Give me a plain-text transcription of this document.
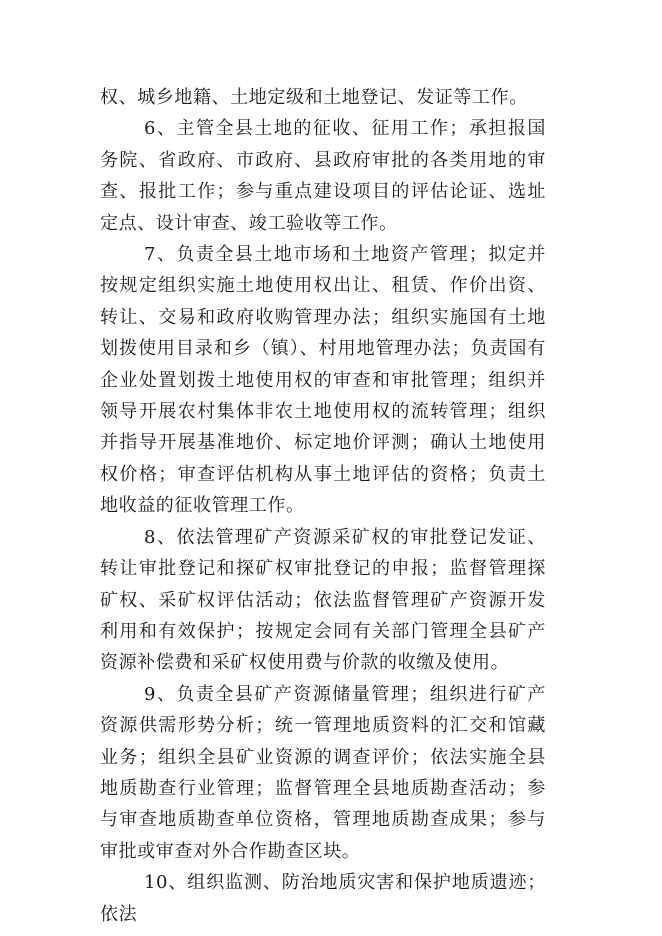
权、城乡地籍、土地定级和土地登记、发证等工作。

6、主管全县土地的征收、征用工作；承担报国务院、省政府、市政府、县政府审批的各类用地的审查、报批工作；参与重点建设项目的评估论证、选址定点、设计审查、竣工验收等工作。

7、负责全县土地市场和土地资产管理；拟定并按规定组织实施土地使用权出让、租赁、作价出资、转让、交易和政府收购管理办法；组织实施国有土地划拨使用目录和乡（镇）、村用地管理办法；负责国有企业处置划拨土地使用权的审查和审批管理；组织并领导开展农村集体非农土地使用权的流转管理；组织并指导开展基准地价、标定地价评测；确认土地使用权价格；审查评估机构从事土地评估的资格；负责土地收益的征收管理工作。

8、依法管理矿产资源采矿权的审批登记发证、转让审批登记和探矿权审批登记的申报；监督管理探矿权、采矿权评估活动；依法监督管理矿产资源开发利用和有效保护；按规定会同有关部门管理全县矿产资源补偿费和采矿权使用费与价款的收缴及使用。

9、负责全县矿产资源储量管理；组织进行矿产资源供需形势分析；统一管理地质资料的汇交和馆藏业务；组织全县矿业资源的调查评价；依法实施全县地质勘查行业管理；监督管理全县地质勘查活动；参与审查地质勘查单位资格，管理地质勘查成果；参与审批或审查对外合作勘查区块。

10、组织监测、防治地质灾害和保护地质遗迹；依法
